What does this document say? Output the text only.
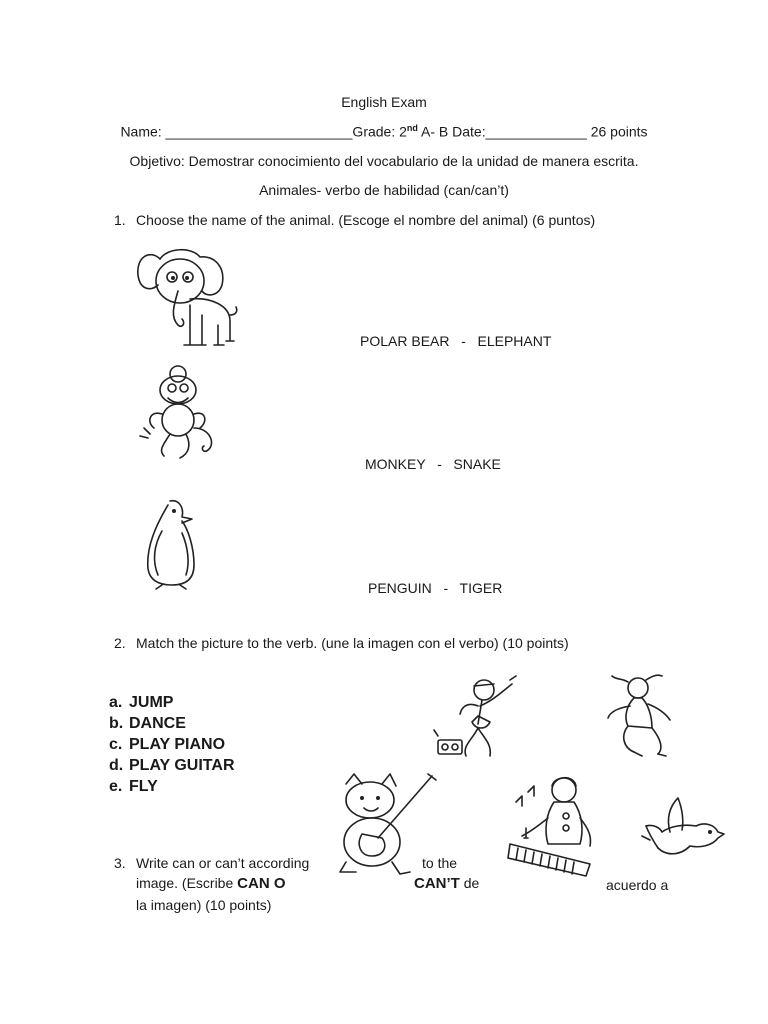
English Exam
Name: ________________________Grade: 2nd A- B Date:_____________ 26 points
Objetivo: Demostrar conocimiento del vocabulario de la unidad de manera escrita.
Animales- verbo de habilidad (can/can’t)
1. Choose the name of the animal. (Escoge el nombre del animal) (6 puntos)
POLAR BEAR   -   ELEPHANT
MONKEY   -   SNAKE
PENGUIN   -   TIGER
2. Match the picture to the verb. (une la imagen con el verbo) (10 points)
a. JUMP
b. DANCE
c. PLAY PIANO
d. PLAY GUITAR
e. FLY
3. Write can or can’t according	to the
image. (Escribe CAN O	CAN’T de	acuerdo a
la imagen) (10 points)
